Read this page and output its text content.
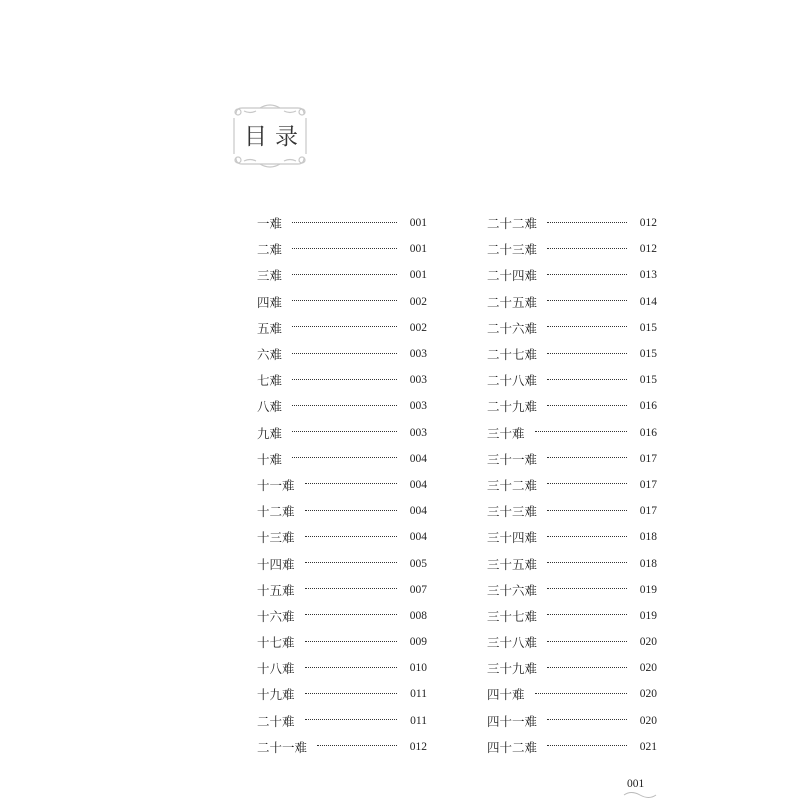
目录
一难	001
二难	001
三难	001
四难	002
五难	002
六难	003
七难	003
八难	003
九难	003
十难	004
十一难	004
十二难	004
十三难	004
十四难	005
十五难	007
十六难	008
十七难	009
十八难	010
十九难	011
二十难	011
二十一难	012
二十二难	012
二十三难	012
二十四难	013
二十五难	014
二十六难	015
二十七难	015
二十八难	015
二十九难	016
三十难	016
三十一难	017
三十二难	017
三十三难	017
三十四难	018
三十五难	018
三十六难	019
三十七难	019
三十八难	020
三十九难	020
四十难	020
四十一难	020
四十二难	021
001
